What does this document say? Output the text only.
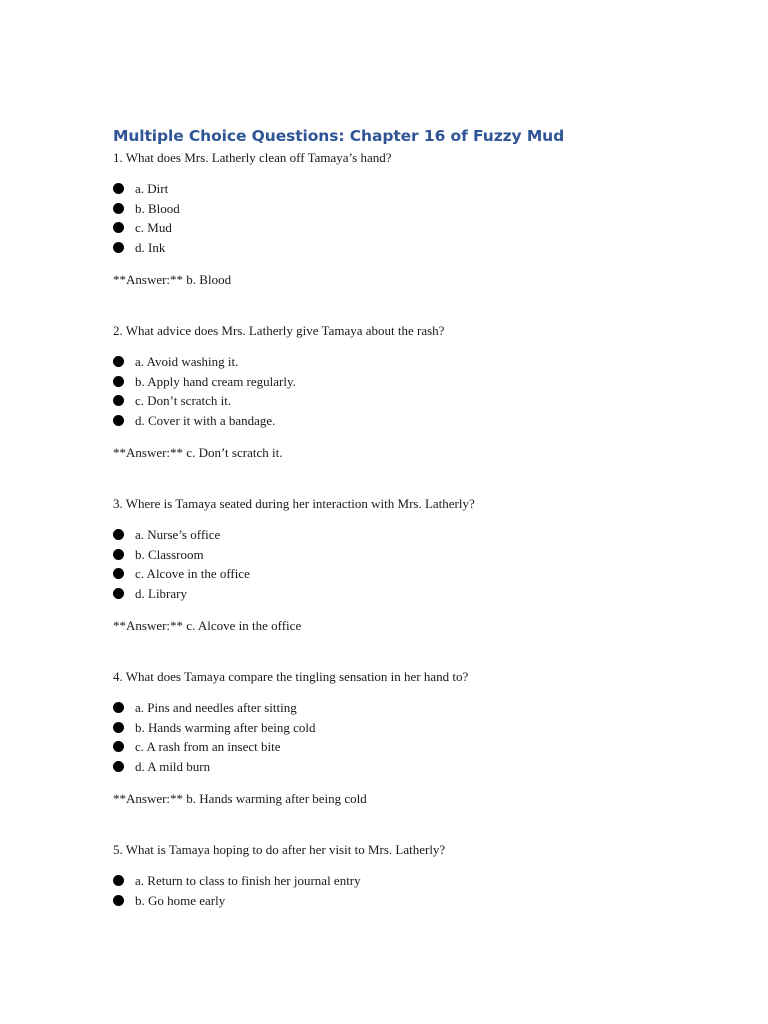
Multiple Choice Questions: Chapter 16 of Fuzzy Mud

1. What does Mrs. Latherly clean off Tamaya’s hand?

a. Dirt
b. Blood
c. Mud
d. Ink

**Answer:** b. Blood

2. What advice does Mrs. Latherly give Tamaya about the rash?

a. Avoid washing it.
b. Apply hand cream regularly.
c. Don’t scratch it.
d. Cover it with a bandage.

**Answer:** c. Don’t scratch it.

3. Where is Tamaya seated during her interaction with Mrs. Latherly?

a. Nurse’s office
b. Classroom
c. Alcove in the office
d. Library

**Answer:** c. Alcove in the office

4. What does Tamaya compare the tingling sensation in her hand to?

a. Pins and needles after sitting
b. Hands warming after being cold
c. A rash from an insect bite
d. A mild burn

**Answer:** b. Hands warming after being cold

5. What is Tamaya hoping to do after her visit to Mrs. Latherly?

a. Return to class to finish her journal entry
b. Go home early
